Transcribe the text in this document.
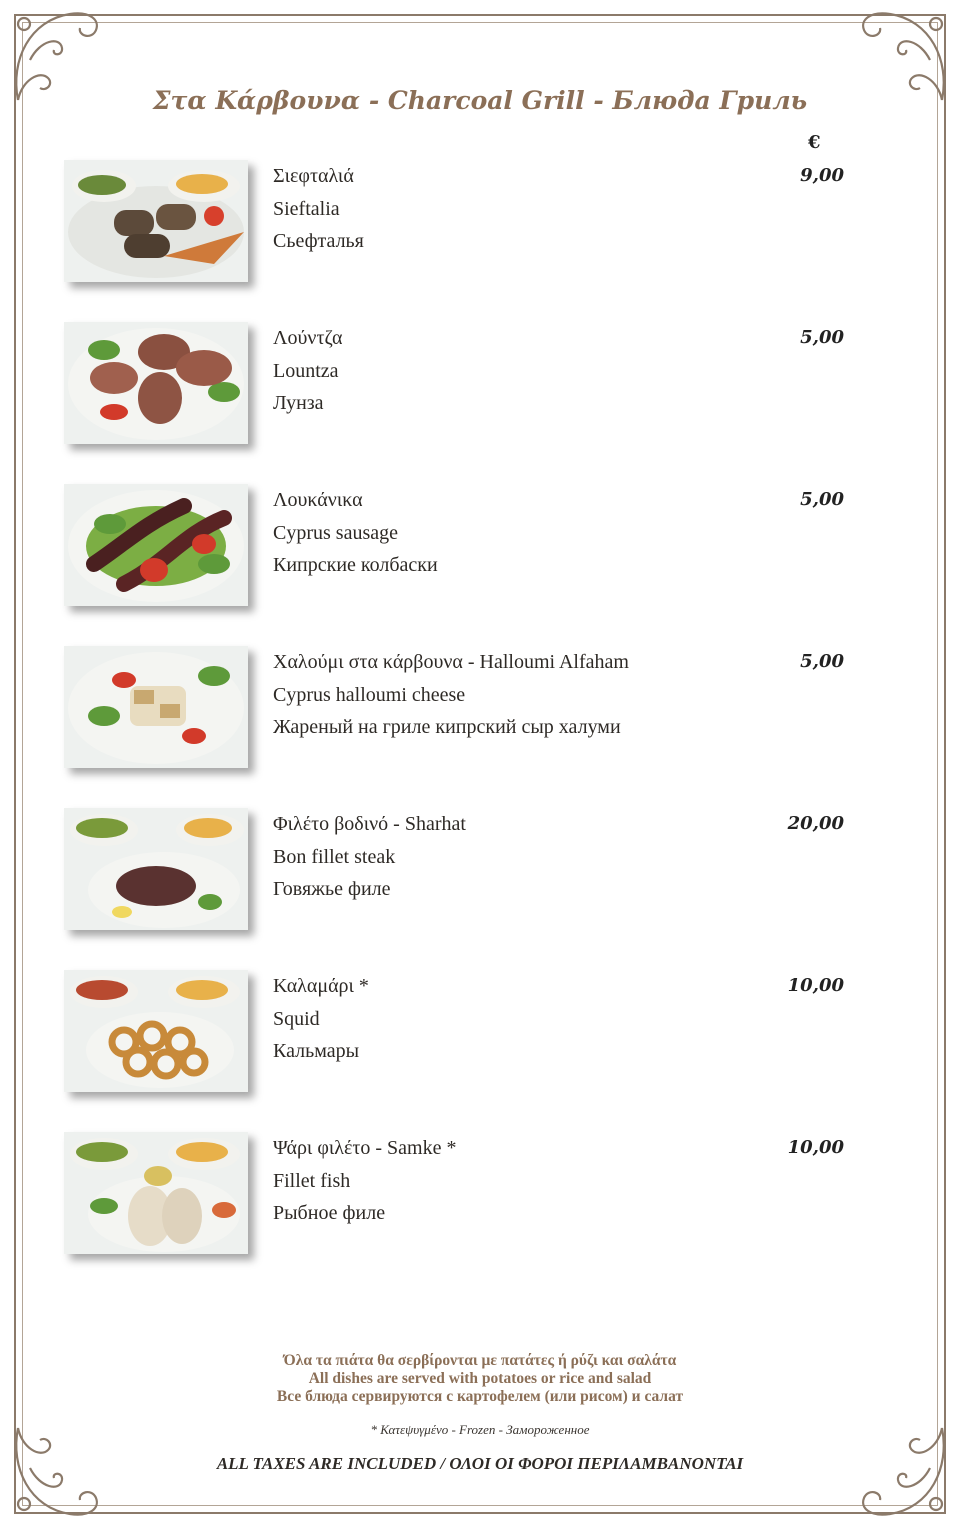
Στα Κάρβουνα - Charcoal Grill - Блюда Гриль
€
Σιεφταλιά
Sieftalia
Сьефталья
9,00
Λούντζα
Lountza
Лунза
5,00
Λουκάνικα
Cyprus sausage
Кипрские колбаски
5,00
Χαλούμι στα κάρβουνα - Halloumi Alfaham
Cyprus halloumi cheese
Жареный на гриле кипрский сыр халуми
5,00
Φιλέτο βοδινό - Sharhat
Bon fillet steak
Говяжье филе
20,00
Καλαμάρι *
Squid
Кальмары
10,00
Ψάρι φιλέτο - Samke *
Fillet fish
Рыбное филе
10,00
Όλα τα πιάτα θα σερβίρονται με πατάτες ή ρύζι και σαλάτα
All dishes are served with potatoes or rice and salad
Все блюда сервируются с картофелем (или рисом) и салат
* Κατεψυγμένο - Frozen - Замороженное
ALL TAXES ARE INCLUDED / ΟΛΟΙ ΟΙ ΦΟΡΟΙ ΠΕΡΙΛΑΜΒΑΝΟΝΤΑΙ
